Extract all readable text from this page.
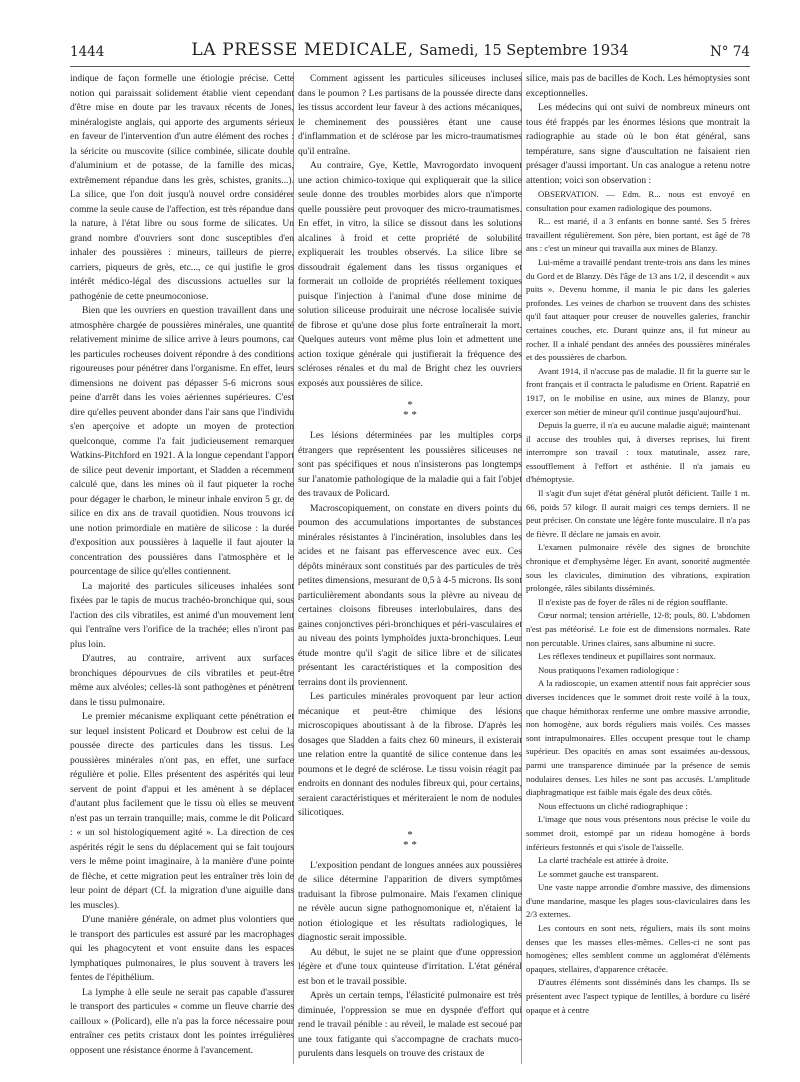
1444	LA PRESSE MEDICALE, Samedi, 15 Septembre 1934	N° 74

indique de façon formelle une étiologie précise. Cette notion qui paraissait solidement établie vient cependant d'être mise en doute par les travaux récents de Jones, minéralogiste anglais, qui apporte des arguments sérieux en faveur de l'intervention d'un autre élément des roches : la séricite ou muscovite (silice combinée, silicate double d'aluminium et de potasse, de la famille des micas, extrêmement répandue dans les grès, schistes, granits...). La silice, que l'on doit jusqu'à nouvel ordre considérer comme la seule cause de l'affection, est très répandue dans la nature, à l'état libre ou sous forme de silicates. Un grand nombre d'ouvriers sont donc susceptibles d'en inhaler des poussières : mineurs, tailleurs de pierre, carriers, piqueurs de grès, etc..., ce qui justifie le gros intérêt médico-légal des discussions actuelles sur la pathogénie de cette pneumoconiose.

Bien que les ouvriers en question travaillent dans une atmosphère chargée de poussières minérales, une quantité relativement minime de silice arrive à leurs poumons, car les particules rocheuses doivent répondre à des conditions rigoureuses pour pénétrer dans l'organisme. En effet, leurs dimensions ne doivent pas dépasser 5-6 microns sous peine d'arrêt dans les voies aériennes supérieures. C'est dire qu'elles peuvent abonder dans l'air sans que l'individu s'en aperçoive et adopte un moyen de protection quelconque, comme l'a fait judicieusement remarquer Watkins-Pitchford en 1921. A la longue cependant l'apport de silice peut devenir important, et Sladden a récemment calculé que, dans les mines où il faut piqueter la roche pour dégager le charbon, le mineur inhale environ 5 gr. de silice en dix ans de travail quotidien. Nous trouvons ici une notion primordiale en matière de silicose : la durée d'exposition aux poussières à laquelle il faut ajouter la concentration des poussières dans l'atmosphère et le pourcentage de silice qu'elles contiennent.

La majorité des particules siliceuses inhalées sont fixées par le tapis de mucus trachéo-bronchique qui, sous l'action des cils vibratiles, est animé d'un mouvement lent qui l'entraîne vers l'orifice de la trachée; elles n'iront pas plus loin.

D'autres, au contraire, arrivent aux surfaces bronchiques dépourvues de cils vibratiles et peut-être même aux alvéoles; celles-là sont pathogènes et pénètrent dans le tissu pulmonaire.

Le premier mécanisme expliquant cette pénétration et sur lequel insistent Policard et Doubrow est celui de la poussée directe des particules dans les tissus. Les poussières minérales n'ont pas, en effet, une surface régulière et polie. Elles présentent des aspérités qui leur servent de point d'appui et les amènent à se déplacer d'autant plus facilement que le tissu où elles se meuvent n'est pas un terrain tranquille; mais, comme le dit Policard : « un sol histologiquement agité ». La direction de ces aspérités régit le sens du déplacement qui se fait toujours vers le même point imaginaire, à la manière d'une pointe de flèche, et cette migration peut les entraîner très loin de leur point de départ (Cf. la migration d'une aiguille dans les muscles).

D'une manière générale, on admet plus volontiers que le transport des particules est assuré par les macrophages qui les phagocytent et vont ensuite dans les espaces lymphatiques pulmonaires, le plus souvent à travers les fentes de l'épithélium.

La lymphe à elle seule ne serait pas capable d'assurer le transport des particules « comme un fleuve charrie des cailloux » (Policard), elle n'a pas la force nécessaire pour entraîner ces petits cristaux dont les pointes irrégulières opposent une résistance énorme à l'avancement.

Comment agissent les particules siliceuses incluses dans le poumon ? Les partisans de la poussée directe dans les tissus accordent leur faveur à des actions mécaniques, le cheminement des poussières étant une cause d'inflammation et de sclérose par les micro-traumatismes qu'il entraîne.

Au contraire, Gye, Kettle, Mavrogordato invoquent une action chimico-toxique qui expliquerait que la silice seule donne des troubles morbides alors que n'importe quelle poussière peut provoquer des micro-traumatismes. En effet, in vitro, la silice se dissout dans les solutions alcalines à froid et cette propriété de solubilité expliquerait les troubles observés. La silice libre se dissoudrait également dans les tissus organiques et formerait un colloïde de propriétés réellement toxiques puisque l'injection à l'animal d'une dose minime de solution siliceuse produirait une nécrose localisée suivie de fibrose et qu'une dose plus forte entraînerait la mort. Quelques auteurs vont même plus loin et admettent une action toxique générale qui justifierait la fréquence des scléroses rénales et du mal de Bright chez les ouvriers exposés aux poussières de silice.

*
* *

Les lésions déterminées par les multiples corps étrangers que représentent les poussières siliceuses ne sont pas spécifiques et nous n'insisterons pas longtemps sur l'anatomie pathologique de la maladie qui a fait l'objet des travaux de Policard.

Macroscopiquement, on constate en divers points du poumon des accumulations importantes de substances minérales résistantes à l'incinération, insolubles dans les acides et ne faisant pas effervescence avec eux. Ces dépôts minéraux sont constitués par des particules de très petites dimensions, mesurant de 0,5 à 4-5 microns. Ils sont particulièrement abondants sous la plèvre au niveau de certaines cloisons fibreuses interlobulaires, dans des gaines conjonctives péri-bronchiques et péri-vasculaires et au niveau des points lymphoïdes juxta-bronchiques. Leur étude montre qu'il s'agit de silice libre et de silicates présentant les caractéristiques et la composition des terrains dont ils proviennent.

Les particules minérales provoquent par leur action mécanique et peut-être chimique des lésions microscopiques aboutissant à de la fibrose. D'après les dosages que Sladden a faits chez 60 mineurs, il existerait une relation entre la quantité de silice contenue dans les poumons et le degré de sclérose. Le tissu voisin réagit par endroits en donnant des nodules fibreux qui, pour certains, seraient caractéristiques et mériteraient le nom de nodules silicotiques.

*
* *

L'exposition pendant de longues années aux poussières de silice détermine l'apparition de divers symptômes traduisant la fibrose pulmonaire. Mais l'examen clinique ne révèle aucun signe pathognomonique et, n'étaient la notion étiologique et les résultats radiologiques, le diagnostic serait impossible.

Au début, le sujet ne se plaint que d'une oppression légère et d'une toux quinteuse d'irritation. L'état général est bon et le travail possible.

Après un certain temps, l'élasticité pulmonaire est très diminuée, l'oppression se mue en dyspnée d'effort qui rend le travail pénible : au réveil, le malade est secoué par une toux fatigante qui s'accompagne de crachats muco-purulents dans lesquels on trouve des cristaux de

silice, mais pas de bacilles de Koch. Les hémoptysies sont exceptionnelles.

Les médecins qui ont suivi de nombreux mineurs ont tous été frappés par les énormes lésions que montrait la radiographie au stade où le bon état général, sans température, sans signe d'auscultation ne faisaient rien présager d'aussi important. Un cas analogue a retenu notre attention; voici son observation :

OBSERVATION. — Edm. R... nous est envoyé en consultation pour examen radiologique des poumons.

R... est marié, il a 3 enfants en bonne santé. Ses 5 frères travaillent régulièrement. Son père, bien portant, est âgé de 78 ans : c'est un mineur qui travailla aux mines de Blanzy.

Lui-même a travaillé pendant trente-trois ans dans les mines du Gord et de Blanzy. Dès l'âge de 13 ans 1/2, il descendit « aux puits ». Devenu homme, il mania le pic dans les galeries profondes. Les veines de charbon se trouvent dans des schistes qu'il faut attaquer pour creuser de nouvelles galeries, franchir certaines couches, etc. Durant quinze ans, il fut mineur au rocher. Il a inhalé pendant des années des poussières minérales et des poussières de charbon.

Avant 1914, il n'accuse pas de maladie. Il fit la guerre sur le front français et il contracta le paludisme en Orient. Rapatrié en 1917, on le mobilise en usine, aux mines de Blanzy, pour exercer son métier de mineur qu'il continue jusqu'aujourd'hui.

Depuis la guerre, il n'a eu aucune maladie aiguë; maintenant il accuse des troubles qui, à diverses reprises, lui firent interrompre son travail : toux matutinale, assez rare, essoufflement à l'effort et asthénie. Il n'a jamais eu d'hémoptysie.

Il s'agit d'un sujet d'état général plutôt déficient. Taille 1 m. 66, poids 57 kilogr. Il aurait maigri ces temps derniers. Il ne peut préciser. On constate une légère fonte musculaire. Il n'a pas de fièvre. Il déclare ne jamais en avoir.

L'examen pulmonaire révèle des signes de bronchite chronique et d'emphysème léger. En avant, sonorité augmentée sous les clavicules, diminution des vibrations, expiration prolongée, râles sibilants disséminés.

Il n'existe pas de foyer de râles ni de région soufflante.

Cœur normal; tension artérielle, 12-8; pouls, 80. L'abdomen n'est pas météorisé. Le foie est de dimensions normales. Rate non percutable. Urines claires, sans albumine ni sucre.

Les réflexes tendineux et pupillaires sont normaux.

Nous pratiquons l'examen radiologique :

A la radioscopie, un examen attentif nous fait apprécier sous diverses incidences que le sommet droit reste voilé à la toux, que chaque hémithorax renferme une ombre massive arrondie, non homogène, aux bords réguliers mais voilés. Ces masses sont intrapulmonaires. Elles occupent presque tout le champ supérieur. Des opacités en amas sont essaimées au-dessous, parmi une transparence diminuée par la présence de semis nodulaires denses. Les hiles ne sont pas accusés. L'amplitude diaphragmatique est faible mais égale des deux côtés.

Nous effectuons un cliché radiographique :

L'image que nous vous présentons nous précise le voile du sommet droit, estompé par un rideau homogène à bords inférieurs festonnés et qui s'isole de l'aisselle.

La clarté trachéale est attirée à droite.

Le sommet gauche est transparent.

Une vaste nappe arrondie d'ombre massive, des dimensions d'une mandarine, masque les plages sous-claviculaires dans les 2/3 externes.

Les contours en sont nets, réguliers, mais ils sont moins denses que les masses elles-mêmes. Celles-ci ne sont pas homogènes; elles semblent comme un agglomérat d'éléments opaques, stellaires, d'apparence crétacée.

D'autres éléments sont disséminés dans les champs. Ils se présentent avec l'aspect typique de lentilles, à bordure cu liséré opaque et à centre
